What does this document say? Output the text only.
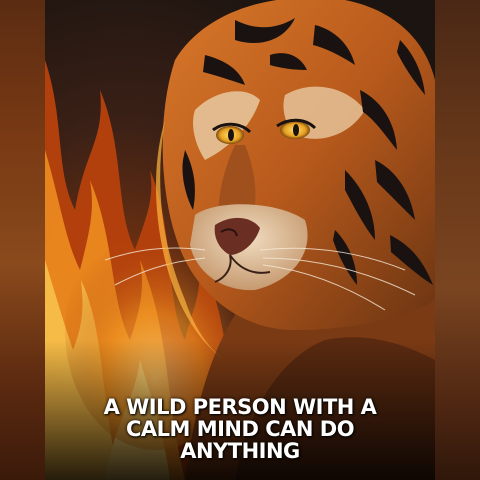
A WILD PERSON WITH A
CALM MIND CAN DO
ANYTHING
